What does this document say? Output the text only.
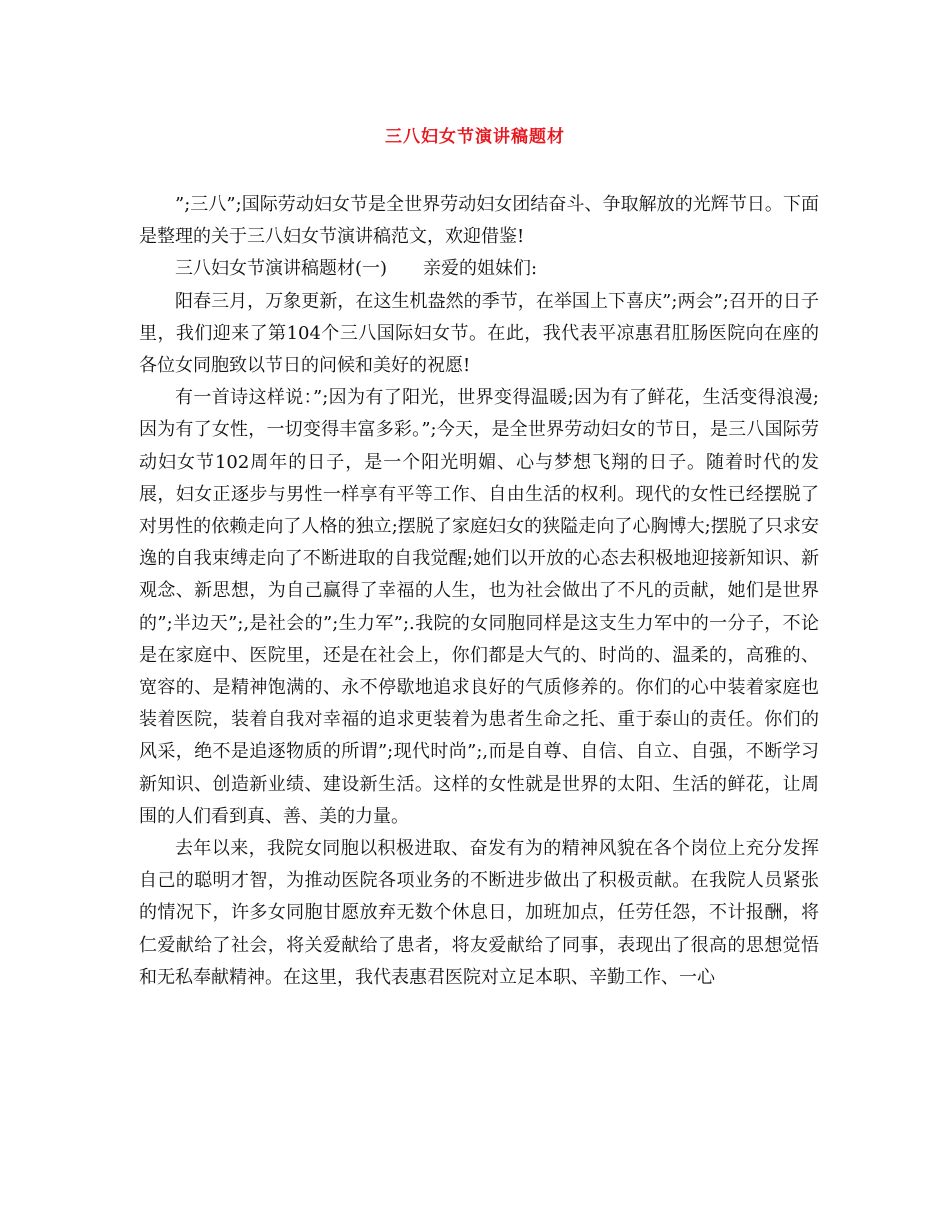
三八妇女节演讲稿题材

”;三八”;国际劳动妇女节是全世界劳动妇女团结奋斗、争取解放的光辉节日。下面是整理的关于三八妇女节演讲稿范文，欢迎借鉴!

三八妇女节演讲稿题材(一)　　亲爱的姐妹们:

阳春三月，万象更新，在这生机盎然的季节，在举国上下喜庆”;两会”;召开的日子里，我们迎来了第104个三八国际妇女节。在此，我代表平凉惠君肛肠医院向在座的各位女同胞致以节日的问候和美好的祝愿!

有一首诗这样说：”;因为有了阳光，世界变得温暖;因为有了鲜花，生活变得浪漫;因为有了女性，一切变得丰富多彩。”;今天，是全世界劳动妇女的节日，是三八国际劳动妇女节102周年的日子，是一个阳光明媚、心与梦想飞翔的日子。随着时代的发展，妇女正逐步与男性一样享有平等工作、自由生活的权利。现代的女性已经摆脱了对男性的依赖走向了人格的独立;摆脱了家庭妇女的狭隘走向了心胸博大;摆脱了只求安逸的自我束缚走向了不断进取的自我觉醒;她们以开放的心态去积极地迎接新知识、新观念、新思想，为自己赢得了幸福的人生，也为社会做出了不凡的贡献，她们是世界的”;半边天”;,是社会的”;生力军”;.我院的女同胞同样是这支生力军中的一分子，不论是在家庭中、医院里，还是在社会上，你们都是大气的、时尚的、温柔的，高雅的、宽容的、是精神饱满的、永不停歇地追求良好的气质修养的。你们的心中装着家庭也装着医院，装着自我对幸福的追求更装着为患者生命之托、重于泰山的责任。你们的风采，绝不是追逐物质的所谓”;现代时尚”;,而是自尊、自信、自立、自强，不断学习新知识、创造新业绩、建设新生活。这样的女性就是世界的太阳、生活的鲜花，让周围的人们看到真、善、美的力量。

去年以来，我院女同胞以积极进取、奋发有为的精神风貌在各个岗位上充分发挥自己的聪明才智，为推动医院各项业务的不断进步做出了积极贡献。在我院人员紧张的情况下，许多女同胞甘愿放弃无数个休息日，加班加点，任劳任怨，不计报酬，将仁爱献给了社会，将关爱献给了患者，将友爱献给了同事，表现出了很高的思想觉悟和无私奉献精神。在这里，我代表惠君医院对立足本职、辛勤工作、一心
